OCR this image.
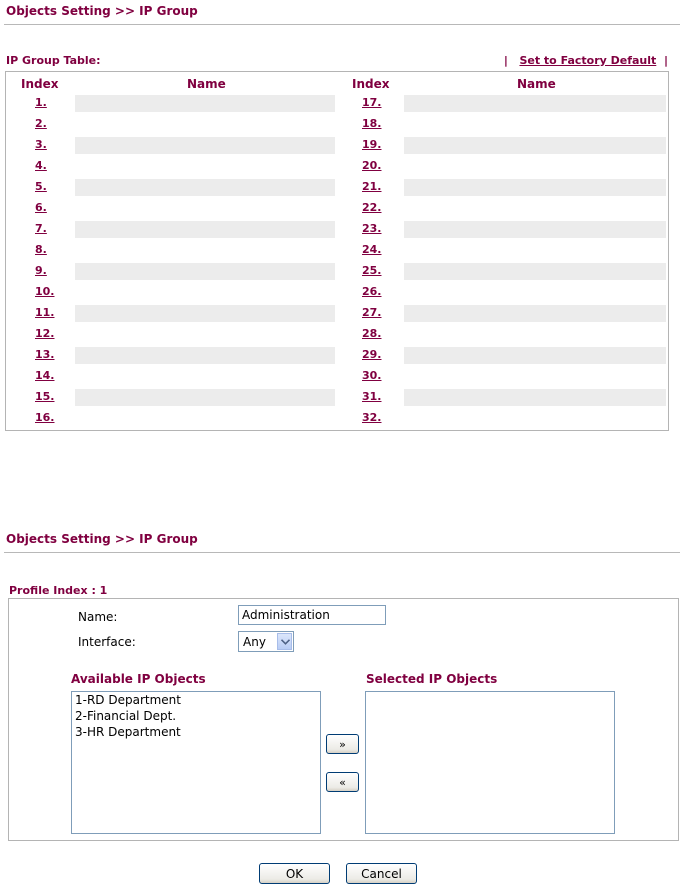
Objects Setting >> IP Group
IP Group Table:	| Set to Factory Default |
Index	Name	Index	Name
1.	17.
2.	18.
3.	19.
4.	20.
5.	21.
6.	22.
7.	23.
8.	24.
9.	25.
10.	26.
11.	27.
12.	28.
13.	29.
14.	30.
15.	31.
16.	32.
Objects Setting >> IP Group
Profile Index : 1
Name:
Administration
Interface:	Any
Available IP Objects
1-RD Department
2-Financial Dept.
3-HR Department
»
«
Selected IP Objects
OK	Cancel
